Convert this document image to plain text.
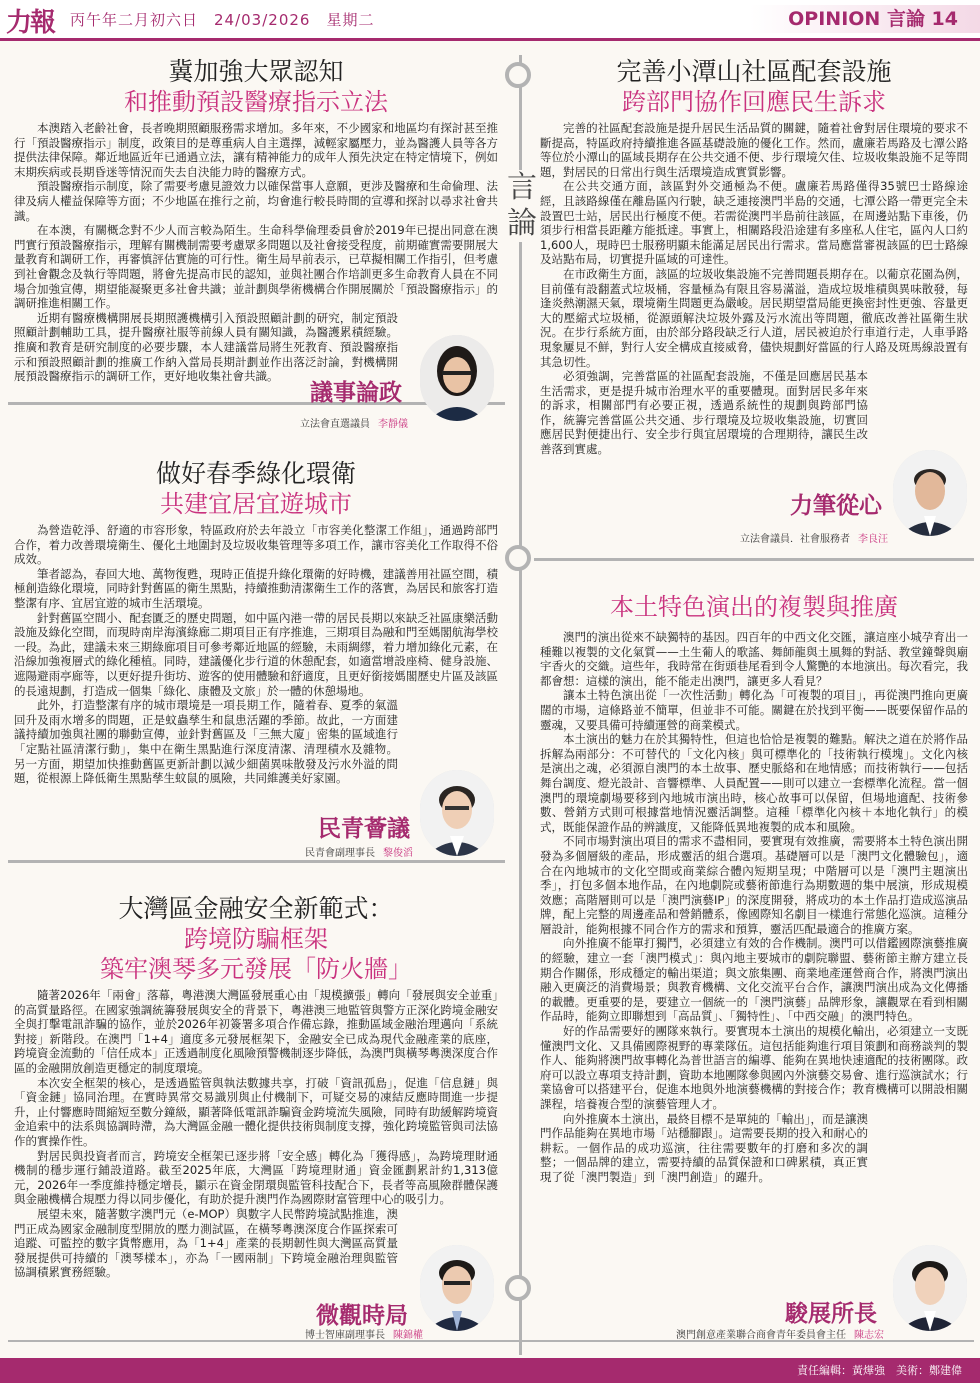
力報 丙午年二月初六日　24/03/2026　星期二	OPINION 言論 14
言論
冀加強大眾認知
和推動預設醫療指示立法

本澳踏入老齡社會，長者晚期照顧服務需求增加。多年來，不少國家和地區均有探討甚至推行「預設醫療指示」制度，政策目的是尊重病人自主選擇，減輕家屬壓力，並為醫護人員等各方提供法律保障。鄰近地區近年已通過立法，讓有精神能力的成年人預先決定在特定情境下，例如末期疾病或長期昏迷等情況而失去自決能力時的醫療方式。

預設醫療指示制度，除了需要考慮見證效力以確保當事人意願，更涉及醫療和生命倫理、法律及病人權益保障等方面；不少地區在推行之前，均會進行較長時間的宣導和探討以尋求社會共識。

在本澳，有關概念對不少人而言較為陌生。生命科學倫理委員會於2019年已提出同意在澳門實行預設醫療指示，理解有關機制需要考慮眾多問題以及社會接受程度，前期確實需要開展大量教育和調研工作，再審慎評估實施的可行性。衛生局早前表示，已草擬相關工作指引，但考慮到社會觀念及執行等問題，將會先提高市民的認知，並與社團合作培訓更多生命教育人員在不同場合加強宣傳，期望能凝聚更多社會共識；並計劃與學術機構合作開展關於「預設醫療指示」的調研推進相關工作。

近期有醫療機構開展長期照護機構引入預設照顧計劃的研究，制定預設照顧計劃輔助工具，提升醫療社服等前線人員有關知識，為醫護累積經驗。推廣和教育是研究制度的必要步驟，本人建議當局將生死教育、預設醫療指示和預設照顧計劃的推廣工作納入當局長期計劃並作出落泛討論，對機構開展預設醫療指示的調研工作，更好地收集社會共識。

議事論政
立法會直選議員 李靜儀
做好春季綠化環衛
共建宜居宜遊城市

為營造乾淨、舒適的市容形象，特區政府於去年設立「市容美化整潔工作組」，通過跨部門合作，着力改善環境衛生、優化土地圍封及垃圾收集管理等多項工作，讓市容美化工作取得不俗成效。

筆者認為，春回大地、萬物復甦，現時正值提升綠化環衛的好時機，建議善用社區空間，積極創造綠化環境，同時針對舊區的衛生黑點，持續推動清潔衛生工作的落實，為居民和旅客打造整潔有序、宜居宜遊的城市生活環境。

針對舊區空間小、配套匱乏的歷史問題，如中區內港一帶的居民長期以來缺乏社區康樂活動設施及綠化空間，而現時南岸海濱綠廊二期項目正有序推進，三期項目為融和門至媽閣航海學校一段。為此，建議未來三期綠廊項目可參考鄰近地區的經驗，未雨綢繆，着力增加綠化元素，在沿線加強複層式的綠化種植。同時，建議優化步行道的休憩配套，如適當增設座椅、健身設施、遮陽避雨亭廊等，以更好提升街坊、遊客的使用體驗和舒適度，且更好銜接媽閣歷史片區及該區的長遠規劃，打造成一個集「綠化、康體及文旅」於一體的休憩場地。

此外，打造整潔有序的城市環境是一項長期工作，隨着春、夏季的氣溫回升及雨水增多的問題，正是蚊蟲孳生和鼠患活躍的季節。故此，一方面建議持續加強與社團的聯動宣傳，並針對舊區及「三無大廈」密集的區域進行「定點社區清潔行動」，集中在衛生黑點進行深度清潔、清理積水及雜物。另一方面，期望加快推動舊區更新計劃以減少細菌異味散發及污水外溢的問題，從根源上降低衛生黑點孳生蚊鼠的風險，共同維護美好家園。

民青薈議
民青會副理事長 黎俊滔
大灣區金融安全新範式：
跨境防騙框架
築牢澳琴多元發展「防火牆」

隨著2026年「兩會」落幕，粵港澳大灣區發展重心由「規模擴張」轉向「發展與安全並重」的高質量路徑。在國家強調統籌發展與安全的背景下，粵港澳三地監管與警方正深化跨境金融安全與打擊電訊詐騙的協作，並於2026年初簽署多項合作備忘錄，推動區域金融治理邁向「系統對接」新階段。在澳門「1+4」適度多元發展框架下，金融安全已成為現代金融產業的底座，跨境資金流動的「信任成本」正透過制度化風險預警機制逐步降低，為澳門與橫琴粵澳深度合作區的金融開放創造更穩定的制度環境。

本次安全框架的核心，是透過監管與執法數據共享，打破「資訊孤島」，促進「信息鏈」與「資金鏈」協同治理。在實時異常交易識別與止付機制下，可疑交易的凍結反應時間進一步提升，止付響應時間縮短至數分鐘級，顯著降低電訊詐騙資金跨境流失風險，同時有助緩解跨境資金追索中的法系與協調時滯，為大灣區金融一體化提供技術與制度支撐，強化跨境監管與司法協作的實操作性。

對居民與投資者而言，跨境安全框架已逐步將「安全感」轉化為「獲得感」，為跨境理財通機制的穩步運行鋪設道路。截至2025年底，大灣區「跨境理財通」資金匯劃累計約1,313億元，2026年一季度維持穩定增長，顯示在資金閉環與監管科技配合下，長者等高風險群體保護與金融機構合規壓力得以同步優化，有助於提升澳門作為國際財富管理中心的吸引力。

展望未來，隨著數字澳門元（e-MOP）與數字人民幣跨境試點推進，澳門正成為國家金融制度型開放的壓力測試區，在橫琴粵澳深度合作區探索可追蹤、可監控的數字貨幣應用，為「1+4」產業的長期韌性與大灣區高質量發展提供可持續的「澳琴樣本」，亦為「一國兩制」下跨境金融治理與監管協調積累實務經驗。

微觀時局
博士智庫副理事長 陳錦權
完善小潭山社區配套設施
跨部門協作回應民生訴求

完善的社區配套設施是提升居民生活品質的關鍵，隨着社會對居住環境的要求不斷提高，特區政府持續推進各區基礎設施的優化工作。然而，盧廉若馬路及七潭公路等位於小潭山的區域長期存在公共交通不便、步行環境欠佳、垃圾收集設施不足等問題，對居民的日常出行與生活環境造成實質影響。

在公共交通方面，該區對外交通極為不便。盧廉若馬路僅得35號巴士路線途經，且該路線僅在離島區內行駛，缺乏連接澳門半島的交通，七潭公路一帶更完全未設置巴士站，居民出行極度不便。若需從澳門半島前往該區，在周邊站點下車後，仍須步行相當長距離方能抵達。事實上，相關路段沿途建有多座私人住宅，區內人口約1,600人，現時巴士服務明顯未能滿足居民出行需求。當局應當審視該區的巴士路線及站點布局，切實提升區域的可達性。

在市政衛生方面，該區的垃圾收集設施不完善問題長期存在。以葡京花園為例，目前僅有設翻蓋式垃圾桶，容量極為有限且容易滿溢，造成垃圾堆積與異味散發，每逢炎熱潮濕天氣，環境衛生問題更為嚴峻。居民期望當局能更換密封性更強、容量更大的壓縮式垃圾桶，從源頭解決垃圾外露及污水流出等問題，徹底改善社區衛生狀況。在步行系統方面，由於部分路段缺乏行人道，居民被迫於行車道行走，人車爭路現象屢見不鮮，對行人安全構成直接威脅，儘快規劃好當區的行人路及斑馬線設置有其急切性。

必須強調，完善當區的社區配套設施，不僅是回應居民基本生活需求，更是提升城市治理水平的重要體現。面對居民多年來的訴求，相關部門有必要正視，透過系統性的規劃與跨部門協作，統籌完善當區公共交通、步行環境及垃圾收集設施，切實回應居民對便捷出行、安全步行與宜居環境的合理期待，讓民生改善落到實處。

力筆從心
立法會議員．社會服務者 李良汪
本土特色演出的複製與推廣

澳門的演出從來不缺獨特的基因。四百年的中西文化交匯，讓這座小城孕育出一種難以複製的文化氣質——土生葡人的歌謠、舞師龍與土風舞的對話、教堂鐘聲與廟宇香火的交織。這些年，我時常在街頭巷尾看到令人驚艷的本地演出。每次看完，我都會想：這樣的演出，能不能走出澳門，讓更多人看見？

讓本土特色演出從「一次性活動」轉化為「可複製的項目」，再從澳門推向更廣闊的市場，這條路並不簡單，但並非不可能。關鍵在於找到平衡——既要保留作品的靈魂，又要具備可持續運營的商業模式。

本土演出的魅力在於其獨特性，但這也恰恰是複製的難點。解決之道在於將作品拆解為兩部分：不可替代的「文化內核」與可標準化的「技術執行模塊」。文化內核是演出之魂，必須源自澳門的本土故事、歷史脈絡和在地情感；而技術執行——包括舞台調度、燈光設計、音響標準、人員配置——則可以建立一套標準化流程。當一個澳門的環境劇場要移到內地城市演出時，核心故事可以保留，但場地適配、技術參數、營銷方式則可根據當地情況靈活調整。這種「標準化內核＋本地化執行」的模式，既能保證作品的辨識度，又能降低異地複製的成本和風險。

不同市場對演出項目的需求不盡相同，要實現有效推廣，需要將本土特色演出開發為多個層級的產品，形成靈活的組合選項。基礎層可以是「澳門文化體驗包」，適合在內地城市的文化空間或商業綜合體內短期呈現；中階層可以是「澳門主題演出季」，打包多個本地作品，在內地劇院或藝術節進行為期數週的集中展演，形成規模效應；高階層則可以是「澳門演藝IP」的深度開發，將成功的本土作品打造成巡演品牌，配上完整的周邊產品和營銷體系，像國際知名劇目一樣進行常態化巡演。這種分層設計，能夠根據不同合作方的需求和預算，靈活匹配最適合的推廣方案。

向外推廣不能單打獨鬥，必須建立有效的合作機制。澳門可以借鑑國際演藝推廣的經驗，建立一套「澳門模式」：與內地主要城市的劇院聯盟、藝術節主辦方建立長期合作關係，形成穩定的輸出渠道；與文旅集團、商業地產運營商合作，將澳門演出融入更廣泛的消費場景；與教育機構、文化交流平台合作，讓澳門演出成為文化傳播的載體。更重要的是，要建立一個統一的「澳門演藝」品牌形象，讓觀眾在看到相關作品時，能夠立即聯想到「高品質」、「獨特性」、「中西交融」的澳門特色。

好的作品需要好的團隊來執行。要實現本土演出的規模化輸出，必須建立一支既懂澳門文化、又具備國際視野的專業隊伍。這包括能夠進行項目策劃和商務談判的製作人、能夠將澳門故事轉化為普世語言的編導、能夠在異地快速適配的技術團隊。政府可以設立專項支持計劃，資助本地團隊參與國內外演藝交易會、進行巡演試水；行業協會可以搭建平台，促進本地與外地演藝機構的對接合作；教育機構可以開設相關課程，培養複合型的演藝管理人才。

向外推廣本土演出，最終目標不是單純的「輸出」，而是讓澳門作品能夠在異地市場「站穩腳跟」。這需要長期的投入和耐心的耕耘。一個作品的成功巡演，往往需要數年的打磨和多次的調整；一個品牌的建立，需要持續的品質保證和口碑累積，真正實現了從「澳門製造」到「澳門創造」的躍升。

駿展所長
澳門創意產業聯合商會青年委員會主任 陳志宏
責任編輯：黃燁強　美術：鄭建偉
